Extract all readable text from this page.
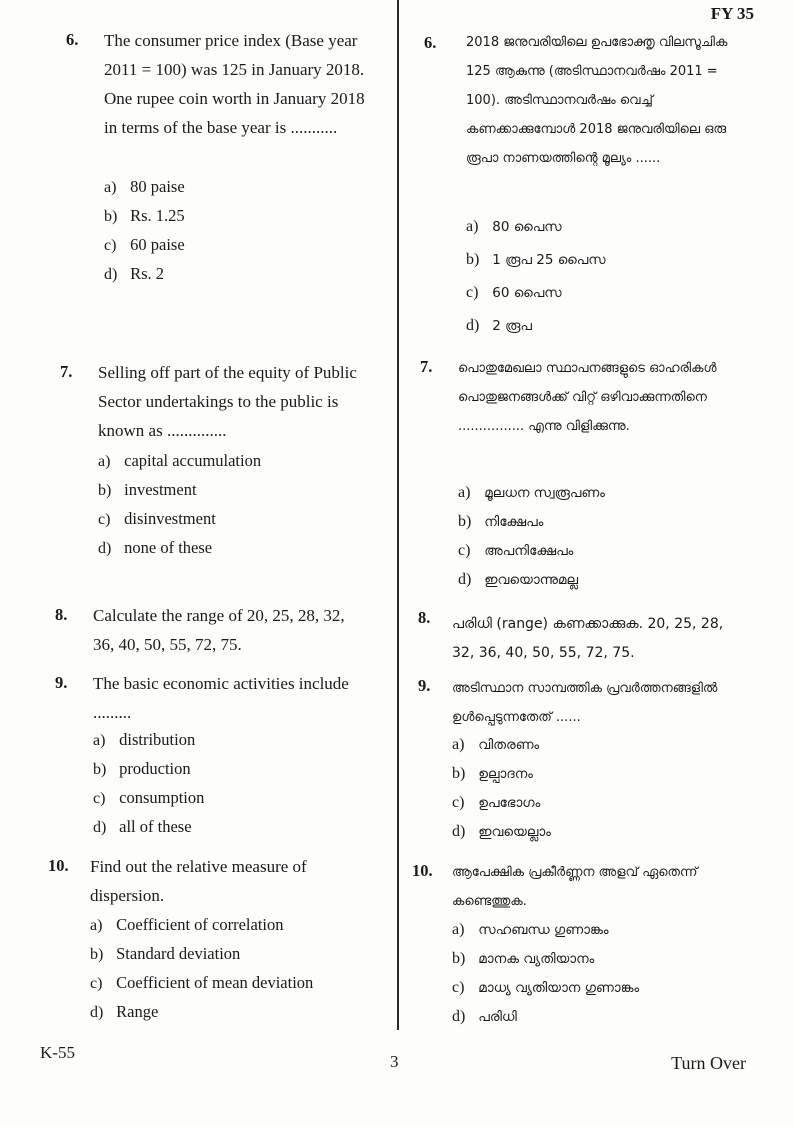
FY 35
6. The consumer price index (Base year 2011 = 100) was 125 in January 2018. One rupee coin worth in January 2018 in terms of the base year is ...........
a) 80 paise
b) Rs. 1.25
c) 60 paise
d) Rs. 2
7. Selling off part of the equity of Public Sector undertakings to the public is known as ..............
a) capital accumulation
b) investment
c) disinvestment
d) none of these
8. Calculate the range of 20, 25, 28, 32, 36, 40, 50, 55, 72, 75.
9. The basic economic activities include .........
a) distribution
b) production
c) consumption
d) all of these
10. Find out the relative measure of dispersion.
a) Coefficient of correlation
b) Standard deviation
c) Coefficient of mean deviation
d) Range
6. 2018 ജനുവരിയിലെ ഉപഭോക്തൃ വിലസൂചിക 125 ആകുന്നു (അടിസ്ഥാനവർഷം 2011 = 100). അടിസ്ഥാനവർഷം വെച്ച് കണക്കാക്കുമ്പോൾ 2018 ജനുവരിയിലെ ഒരു രൂപാ നാണയത്തിന്റെ മൂല്യം ......
a) 80 പൈസ
b) 1 രൂപ 25 പൈസ
c) 60 പൈസ
d) 2 രൂപ
7. പൊതുമേഖലാ സ്ഥാപനങ്ങളുടെ ഓഹരികൾ പൊതുജനങ്ങൾക്ക് വിറ്റ് ഒഴിവാക്കുന്നതിനെ ................ എന്നു വിളിക്കുന്നു.
a) മൂലധന സ്വരൂപണം
b) നിക്ഷേപം
c) അപനിക്ഷേപം
d) ഇവയൊന്നുമല്ല
8. പരിധി (range) കണക്കാക്കുക. 20, 25, 28, 32, 36, 40, 50, 55, 72, 75.
9. അടിസ്ഥാന സാമ്പത്തിക പ്രവർത്തനങ്ങളിൽ ഉൾപ്പെടുന്നതേത് ......
a) വിതരണം
b) ഉല്പാദനം
c) ഉപഭോഗം
d) ഇവയെല്ലാം
10. ആപേക്ഷിക പ്രകീർണ്ണന അളവ് ഏതെന്ന് കണ്ടെത്തുക.
a) സഹബന്ധ ഗുണാങ്കം
b) മാനക വ്യതിയാനം
c) മാധ്യ വ്യതിയാന ഗുണാങ്കം
d) പരിധി
K-55	3	Turn Over
